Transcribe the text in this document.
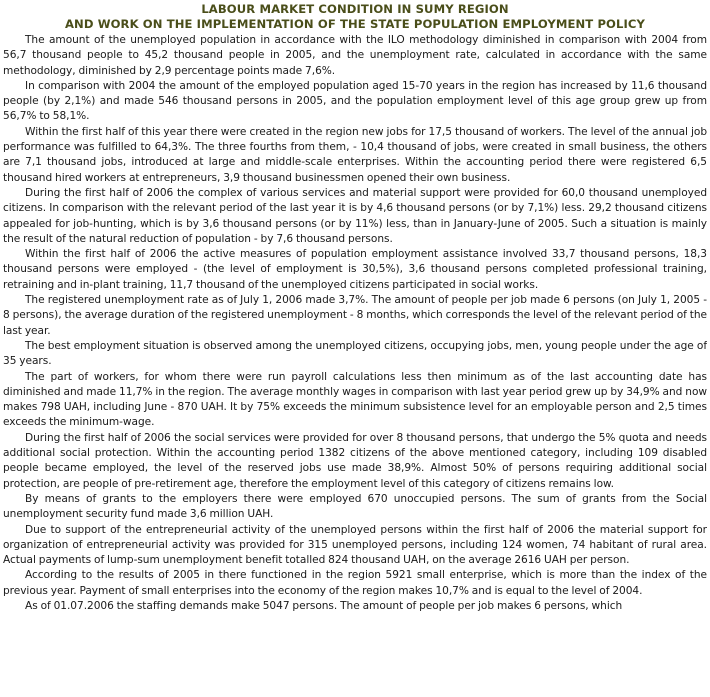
LABOUR MARKET CONDITION IN SUMY REGION
AND WORK ON THE IMPLEMENTATION OF THE STATE POPULATION EMPLOYMENT POLICY

The amount of the unemployed population in accordance with the ILO methodology diminished in comparison with 2004 from 56,7 thousand people to 45,2 thousand people in 2005, and the unemployment rate, calculated in accordance with the same methodology, diminished by 2,9 percentage points made 7,6%.

In comparison with 2004 the amount of the employed population aged 15-70 years in the region has increased by 11,6 thousand people (by 2,1%) and made 546 thousand persons in 2005, and the population employment level of this age group grew up from 56,7% to 58,1%.

Within the first half of this year there were created in the region new jobs for 17,5 thousand of workers. The level of the annual job performance was fulfilled to 64,3%. The three fourths from them, - 10,4 thousand of jobs, were created in small business, the others are 7,1 thousand jobs, introduced at large and middle-scale enterprises. Within the accounting period there were registered 6,5 thousand hired workers at entrepreneurs, 3,9 thousand businessmen opened their own business.

During the first half of 2006 the complex of various services and material support were provided for 60,0 thousand unemployed citizens. In comparison with the relevant period of the last year it is by 4,6 thousand persons (or by 7,1%) less. 29,2 thousand citizens appealed for job-hunting, which is by 3,6 thousand persons (or by 11%) less, than in January-June of 2005. Such a situation is mainly the result of the natural reduction of population - by 7,6 thousand persons.

Within the first half of 2006 the active measures of population employment assistance involved 33,7 thousand persons, 18,3 thousand persons were employed - (the level of employment is 30,5%), 3,6 thousand persons completed professional training, retraining and in-plant training, 11,7 thousand of the unemployed citizens participated in social works.

The registered unemployment rate as of July 1, 2006 made 3,7%. The amount of people per job made 6 persons (on July 1, 2005 - 8 persons), the average duration of the registered unemployment - 8 months, which corresponds the level of the relevant period of the last year.

The best employment situation is observed among the unemployed citizens, occupying jobs, men, young people under the age of 35 years.

The part of workers, for whom there were run payroll calculations less then minimum as of the last accounting date has diminished and made 11,7% in the region. The average monthly wages in comparison with last year period grew up by 34,9% and now makes 798 UAH, including June - 870 UAH. It by 75% exceeds the minimum subsistence level for an employable person and 2,5 times exceeds the minimum-wage.

During the first half of 2006 the social services were provided for over 8 thousand persons, that undergo the 5% quota and needs additional social protection. Within the accounting period 1382 citizens of the above mentioned category, including 109 disabled people became employed, the level of the reserved jobs use made 38,9%. Almost 50% of persons requiring additional social protection, are people of pre-retirement age, therefore the employment level of this category of citizens remains low.

By means of grants to the employers there were employed 670 unoccupied persons. The sum of grants from the Social unemployment security fund made 3,6 million UAH.

Due to support of the entrepreneurial activity of the unemployed persons within the first half of 2006 the material support for organization of entrepreneurial activity was provided for 315 unemployed persons, including 124 women, 74 habitant of rural area. Actual payments of lump-sum unemployment benefit totalled 824 thousand UAH, on the average 2616 UAH per person.

According to the results of 2005 in there functioned in the region 5921 small enterprise, which is more than the index of the previous year. Payment of small enterprises into the economy of the region makes 10,7% and is equal to the level of 2004.

As of 01.07.2006 the staffing demands make 5047 persons. The amount of people per job makes 6 persons, which
